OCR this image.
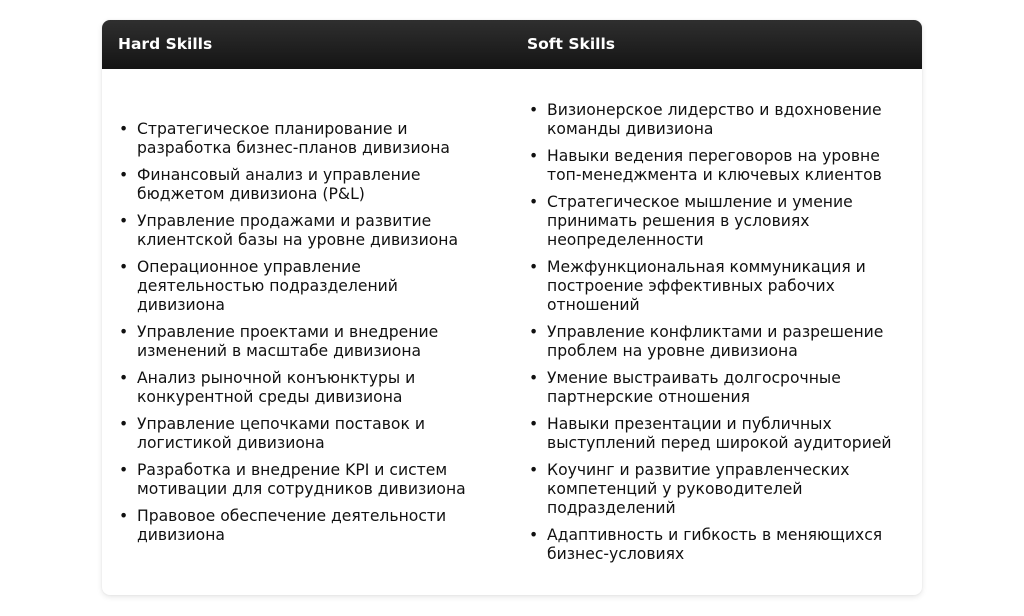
Hard Skills	Soft Skills
• Стратегическое планирование и
разработка бизнес-планов дивизиона
• Финансовый анализ и управление
бюджетом дивизиона (P&L)
• Управление продажами и развитие
клиентской базы на уровне дивизиона
• Операционное управление
деятельностью подразделений
дивизиона
• Управление проектами и внедрение
изменений в масштабе дивизиона
• Анализ рыночной конъюнктуры и
конкурентной среды дивизиона
• Управление цепочками поставок и
логистикой дивизиона
• Разработка и внедрение KPI и систем
мотивации для сотрудников дивизиона
• Правовое обеспечение деятельности
дивизиона
• Визионерское лидерство и вдохновение
команды дивизиона
• Навыки ведения переговоров на уровне
топ-менеджмента и ключевых клиентов
• Стратегическое мышление и умение
принимать решения в условиях
неопределенности
• Межфункциональная коммуникация и
построение эффективных рабочих
отношений
• Управление конфликтами и разрешение
проблем на уровне дивизиона
• Умение выстраивать долгосрочные
партнерские отношения
• Навыки презентации и публичных
выступлений перед широкой аудиторией
• Коучинг и развитие управленческих
компетенций у руководителей
подразделений
• Адаптивность и гибкость в меняющихся
бизнес-условиях
